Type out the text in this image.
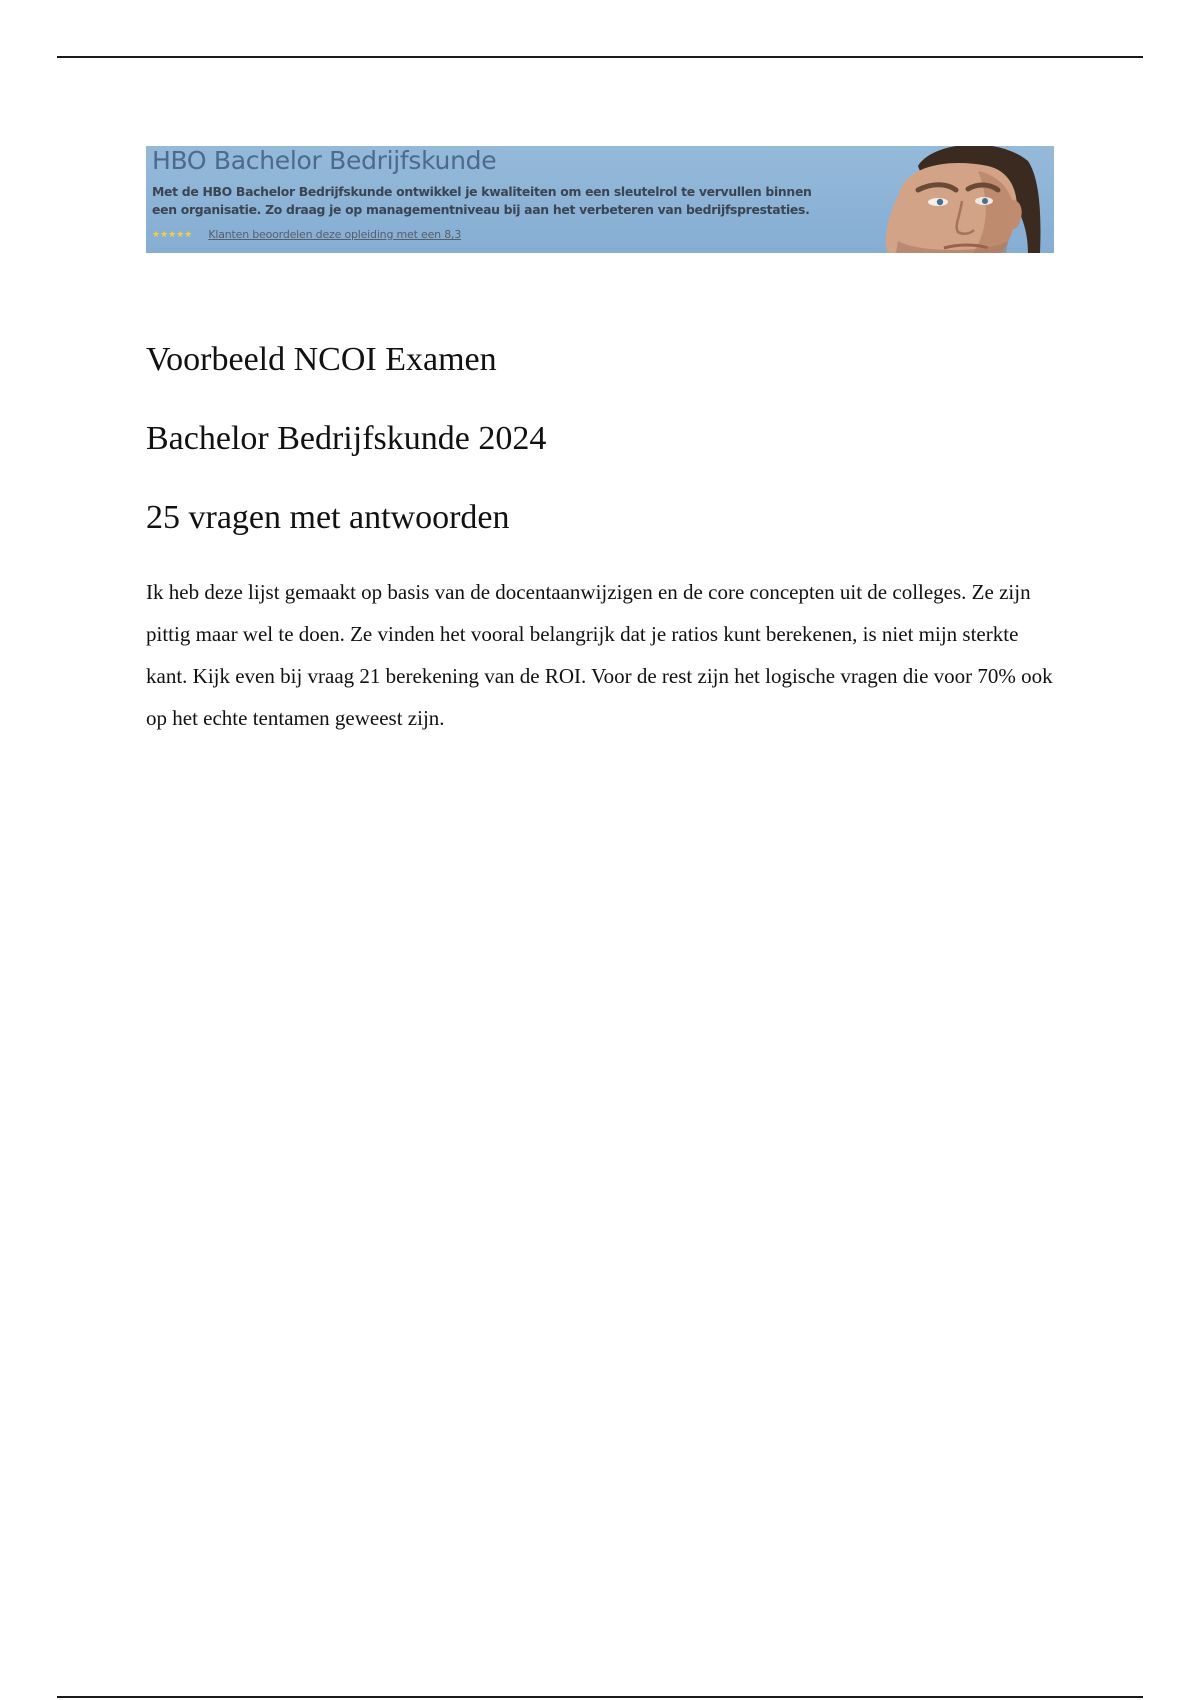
HBO Bachelor Bedrijfskunde
Met de HBO Bachelor Bedrijfskunde ontwikkel je kwaliteiten om een sleutelrol te vervullen binnen een organisatie. Zo draag je op managementniveau bij aan het verbeteren van bedrijfsprestaties.
★★★★★ Klanten beoordelen deze opleiding met een 8,3
Voorbeeld NCOI Examen
Bachelor Bedrijfskunde 2024
25 vragen met antwoorden

Ik heb deze lijst gemaakt op basis van de docentaanwijzigen en de core concepten uit de colleges. Ze zijn pittig maar wel te doen. Ze vinden het vooral belangrijk dat je ratios kunt berekenen, is niet mijn sterkte kant. Kijk even bij vraag 21 berekening van de ROI. Voor de rest zijn het logische vragen die voor 70% ook op het echte tentamen geweest zijn.
